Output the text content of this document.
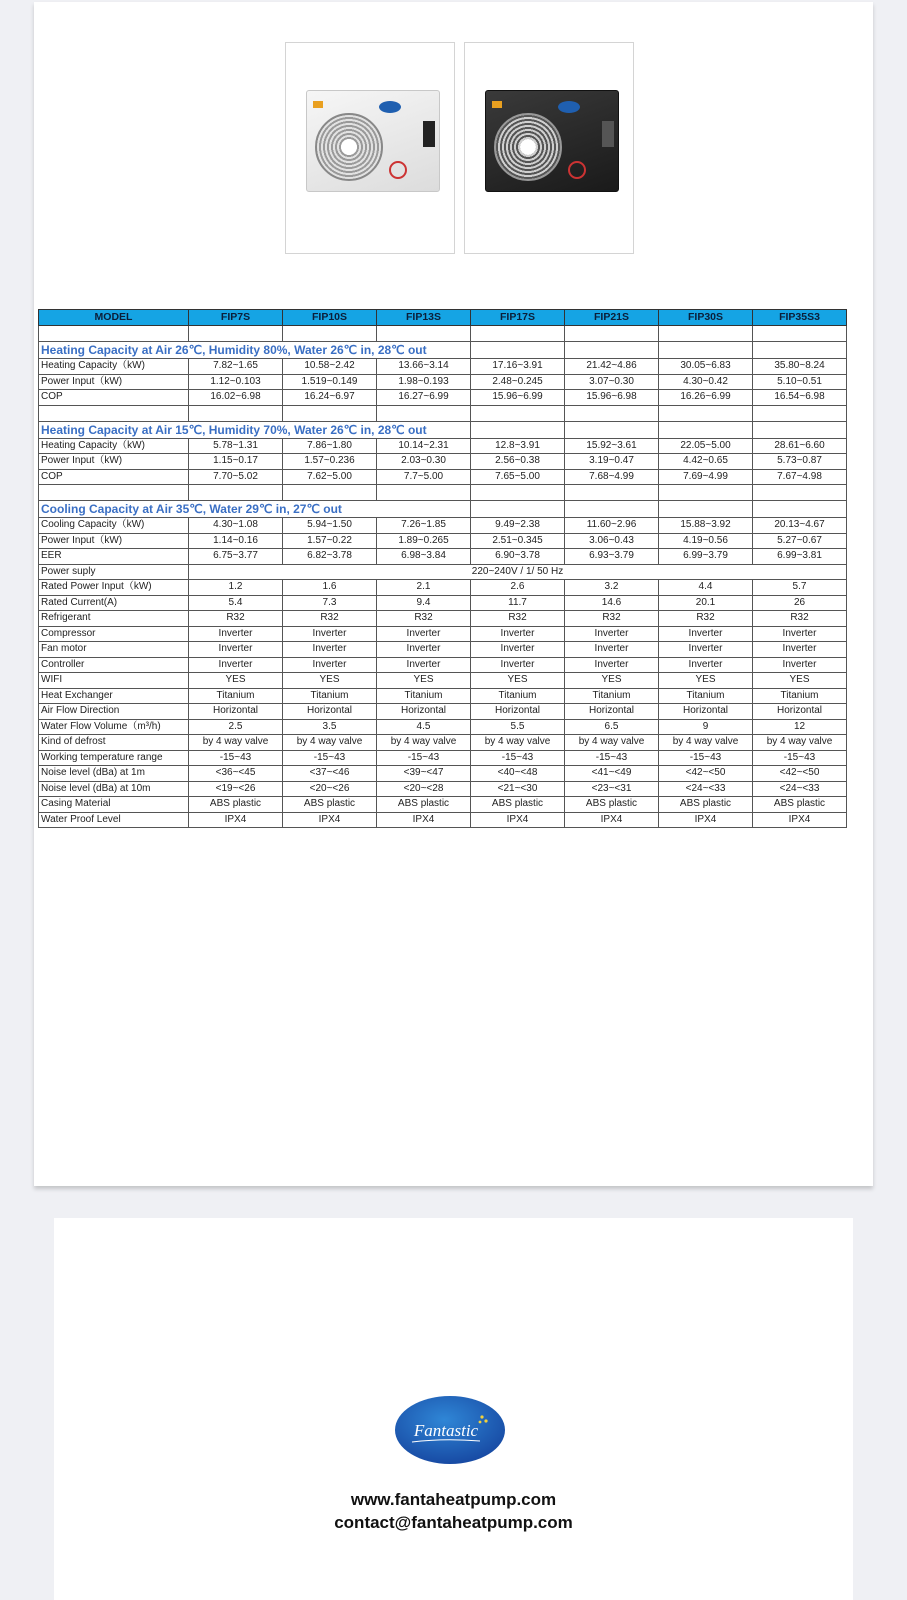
MODEL	FIP7S	FIP10S	FIP13S	FIP17S	FIP21S	FIP30S	FIP35S3

Heating Capacity at Air 26℃, Humidity 80%, Water 26℃ in, 28℃ out							
Heating Capacity（kW)	7.82~1.65	10.58~2.42	13.66~3.14	17.16~3.91	21.42~4.86	30.05~6.83	35.80~8.24
Power Input（kW)	1.12~0.103	1.519~0.149	1.98~0.193	2.48~0.245	3.07~0.30	4.30~0.42	5.10~0.51
COP	16.02~6.98	16.24~6.97	16.27~6.99	15.96~6.99	15.96~6.98	16.26~6.99	16.54~6.98

Heating Capacity at Air 15℃, Humidity 70%, Water 26℃ in, 28℃ out							
Heating Capacity（kW)	5.78~1.31	7.86~1.80	10.14~2.31	12.8~3.91	15.92~3.61	22.05~5.00	28.61~6.60
Power Input（kW)	1.15~0.17	1.57~0.236	2.03~0.30	2.56~0.38	3.19~0.47	4.42~0.65	5.73~0.87
COP	7.70~5.02	7.62~5.00	7.7~5.00	7.65~5.00	7.68~4.99	7.69~4.99	7.67~4.98

Cooling Capacity at Air 35℃, Water 29℃ in, 27℃ out							
Cooling Capacity（kW)	4.30~1.08	5.94~1.50	7.26~1.85	9.49~2.38	11.60~2.96	15.88~3.92	20.13~4.67
Power Input（kW)	1.14~0.16	1.57~0.22	1.89~0.265	2.51~0.345	3.06~0.43	4.19~0.56	5.27~0.67
EER	6.75~3.77	6.82~3.78	6.98~3.84	6.90~3.78	6.93~3.79	6.99~3.79	6.99~3.81
Power suply	220~240V / 1/ 50 Hz						
Rated Power Input（kW)	1.2	1.6	2.1	2.6	3.2	4.4	5.7
Rated Current(A)	5.4	7.3	9.4	11.7	14.6	20.1	26
Refrigerant	R32	R32	R32	R32	R32	R32	R32
Compressor	Inverter	Inverter	Inverter	Inverter	Inverter	Inverter	Inverter
Fan motor	Inverter	Inverter	Inverter	Inverter	Inverter	Inverter	Inverter
Controller	Inverter	Inverter	Inverter	Inverter	Inverter	Inverter	Inverter
WIFI	YES	YES	YES	YES	YES	YES	YES
Heat Exchanger	Titanium	Titanium	Titanium	Titanium	Titanium	Titanium	Titanium
Air Flow Direction	Horizontal	Horizontal	Horizontal	Horizontal	Horizontal	Horizontal	Horizontal
Water Flow Volume（m³/h)	2.5	3.5	4.5	5.5	6.5	9	12
Kind of defrost	by 4 way valve	by 4 way valve	by 4 way valve	by 4 way valve	by 4 way valve	by 4 way valve	by 4 way valve
Working temperature range	-15~43	-15~43	-15~43	-15~43	-15~43	-15~43	-15~43
Noise level (dBa) at 1m	<36~<45	<37~<46	<39~<47	<40~<48	<41~<49	<42~<50	<42~<50
Noise level (dBa) at 10m	<19~<26	<20~<26	<20~<28	<21~<30	<23~<31	<24~<33	<24~<33
Casing Material	ABS plastic	ABS plastic	ABS plastic	ABS plastic	ABS plastic	ABS plastic	ABS plastic
Water Proof Level	IPX4	IPX4	IPX4	IPX4	IPX4	IPX4	IPX4
Fantastic
www.fantaheatpump.com
contact@fantaheatpump.com
